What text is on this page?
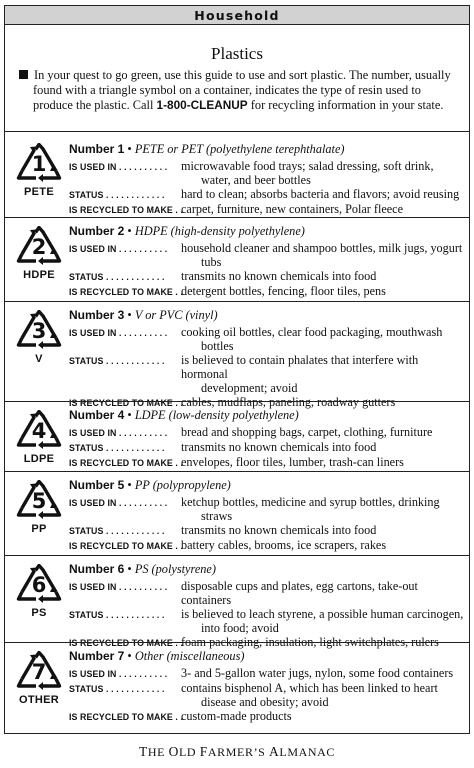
Household
Plastics
In your quest to go green, use this guide to use and sort plastic. The number, usually found with a triangle symbol on a container, indicates the type of resin used to produce the plastic. Call 1-800-CLEANUP for recycling information in your state.
1
PETE
Number 1 • PETE or PET (polyethylene terephthalate)
IS USED IN . . . . . . . . . .	microwavable food trays; salad dressing, soft drink,
water, and beer bottles
STATUS . . . . . . . . . . . .	hard to clean; absorbs bacteria and flavors; avoid reusing
IS RECYCLED TO MAKE . .
carpet, furniture, new containers, Polar fleece
2
HDPE
Number 2 • HDPE (high-density polyethylene)
IS USED IN . . . . . . . . . .	household cleaner and shampoo bottles, milk jugs, yogurt
tubs
STATUS . . . . . . . . . . . .	transmits no known chemicals into food
IS RECYCLED TO MAKE . .
detergent bottles, fencing, floor tiles, pens
3
V
Number 3 • V or PVC (vinyl)
IS USED IN . . . . . . . . . .	cooking oil bottles, clear food packaging, mouthwash
bottles
STATUS . . . . . . . . . . . .	is believed to contain phalates that interfere with hormonal
development; avoid
IS RECYCLED TO MAKE . .
cables, mudflaps, paneling, roadway gutters
4
LDPE
Number 4 • LDPE (low-density polyethylene)
IS USED IN . . . . . . . . . .	bread and shopping bags, carpet, clothing, furniture
STATUS . . . . . . . . . . . .	transmits no known chemicals into food
IS RECYCLED TO MAKE . .
envelopes, floor tiles, lumber, trash-can liners
5
PP
Number 5 • PP (polypropylene)
IS USED IN . . . . . . . . . .	ketchup bottles, medicine and syrup bottles, drinking
straws
STATUS . . . . . . . . . . . .	transmits no known chemicals into food
IS RECYCLED TO MAKE . .
battery cables, brooms, ice scrapers, rakes
6
PS
Number 6 • PS (polystyrene)
IS USED IN . . . . . . . . . .	disposable cups and plates, egg cartons, take-out containers
STATUS . . . . . . . . . . . .	is believed to leach styrene, a possible human carcinogen,
into food; avoid
IS RECYCLED TO MAKE . .
foam packaging, insulation, light switchplates, rulers
7
OTHER
Number 7 • Other (miscellaneous)
IS USED IN . . . . . . . . . .	3- and 5-gallon water jugs, nylon, some food containers
STATUS . . . . . . . . . . . .	contains bisphenol A, which has been linked to heart
disease and obesity; avoid
IS RECYCLED TO MAKE . .
custom-made products
THE OLD FARMER’S ALMANAC
